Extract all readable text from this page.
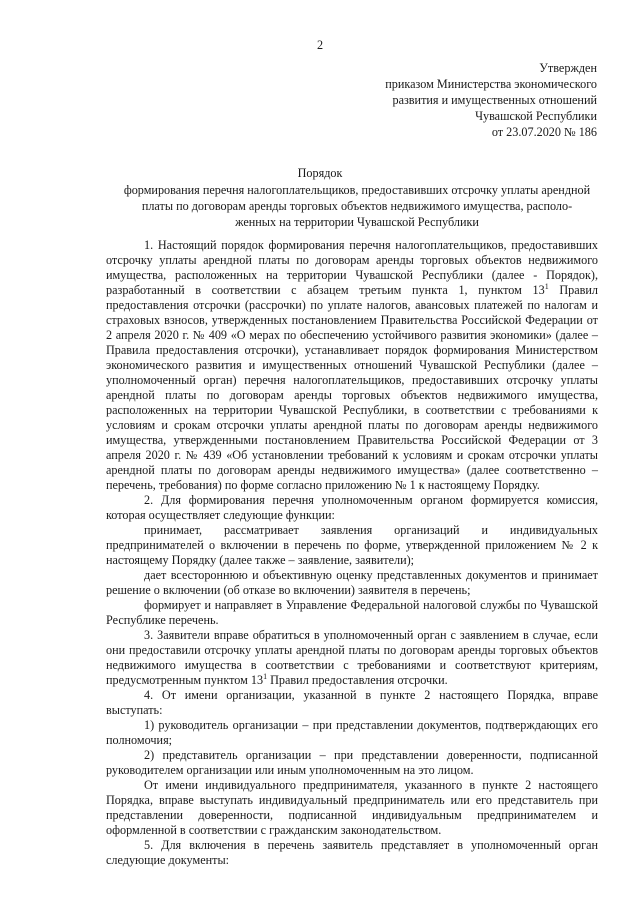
2
Утвержден
приказом Министерства экономического
развития и имущественных отношений
Чувашской Республики
от 23.07.2020 № 186
Порядок
формирования перечня налогоплательщиков, предоставивших отсрочку уплаты арендной
платы по договорам аренды торговых объектов недвижимого имущества, располо-
женных на территории Чувашской Республики

1. Настоящий порядок формирования перечня налогоплательщиков, предоставивших отсрочку уплаты арендной платы по договорам аренды торговых объектов недвижимого имущества, расположенных на территории Чувашской Республики (далее - Порядок), разработанный в соответствии с абзацем третьим пункта 1, пунктом $13^1$ Правил предоставления отсрочки (рассрочки) по уплате налогов, авансовых платежей по налогам и страховых взносов, утвержденных постановлением Правительства Российской Федерации от 2 апреля 2020 г. № 409 «О мерах по обеспечению устойчивого развития экономики» (далее – Правила предоставления отсрочки), устанавливает порядок формирования Министерством экономического развития и имущественных отношений Чувашской Республики (далее – уполномоченный орган) перечня налогоплательщиков, предоставивших отсрочку уплаты арендной платы по договорам аренды торговых объектов недвижимого имущества, расположенных на территории Чувашской Республики, в соответствии с требованиями к условиям и срокам отсрочки уплаты арендной платы по договорам аренды недвижимого имущества, утвержденными постановлением Правительства Российской Федерации от 3 апреля 2020 г. № 439 «Об установлении требований к условиям и срокам отсрочки уплаты арендной платы по договорам аренды недвижимого имущества» (далее соответственно – перечень, требования) по форме согласно приложению № 1 к настоящему Порядку.

2. Для формирования перечня уполномоченным органом формируется комиссия, которая осуществляет следующие функции:

принимает, рассматривает заявления организаций и индивидуальных предпринимателей о включении в перечень по форме, утвержденной приложением № 2 к настоящему Порядку (далее также – заявление, заявители);

дает всестороннюю и объективную оценку представленных документов и принимает решение о включении (об отказе во включении) заявителя в перечень;

формирует и направляет в Управление Федеральной налоговой службы по Чувашской Республике перечень.

3. Заявители вправе обратиться в уполномоченный орган с заявлением в случае, если они предоставили отсрочку уплаты арендной платы по договорам аренды торговых объектов недвижимого имущества в соответствии с требованиями и соответствуют критериям, предусмотренным пунктом $13^1$ Правил предоставления отсрочки.

4. От имени организации, указанной в пункте 2 настоящего Порядка, вправе выступать:

1) руководитель организации – при представлении документов, подтверждающих его полномочия;

2) представитель организации – при представлении доверенности, подписанной руководителем организации или иным уполномоченным на это лицом.

От имени индивидуального предпринимателя, указанного в пункте 2 настоящего Порядка, вправе выступать индивидуальный предприниматель или его представитель при представлении доверенности, подписанной индивидуальным предпринимателем и оформленной в соответствии с гражданским законодательством.

5. Для включения в перечень заявитель представляет в уполномоченный орган следующие документы:
